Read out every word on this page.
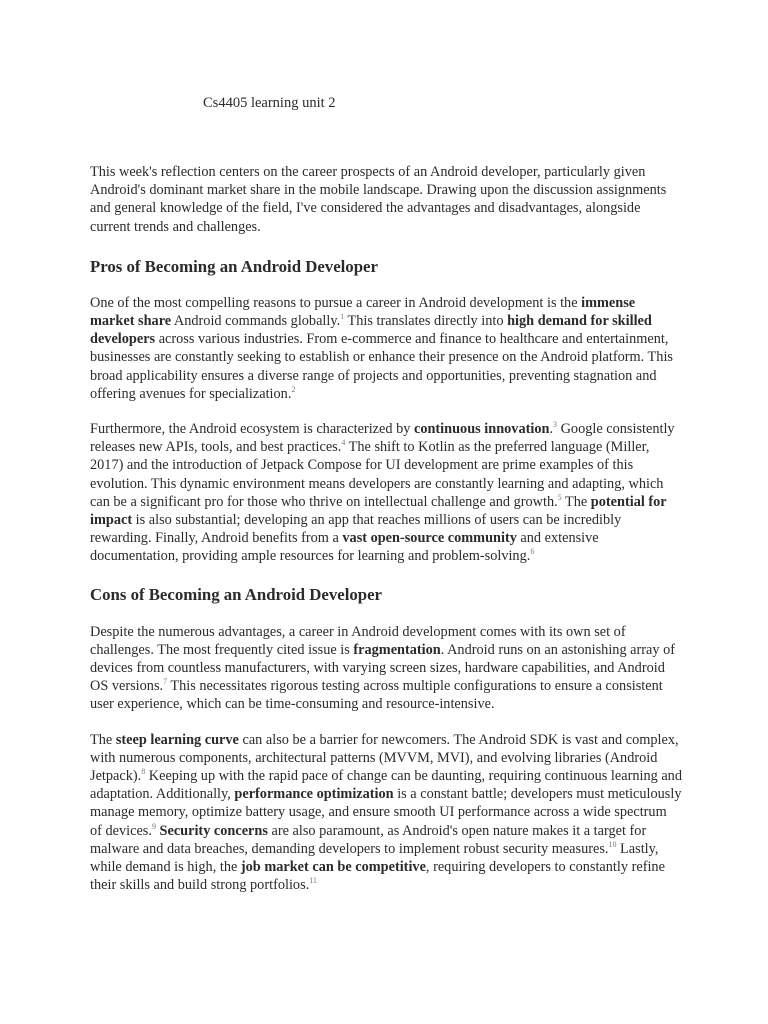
Cs4405 learning unit 2

This week's reflection centers on the career prospects of an Android developer, particularly given Android's dominant market share in the mobile landscape. Drawing upon the discussion assignments and general knowledge of the field, I've considered the advantages and disadvantages, alongside current trends and challenges.

Pros of Becoming an Android Developer

One of the most compelling reasons to pursue a career in Android development is the immense market share Android commands globally.$^1$ This translates directly into high demand for skilled developers across various industries. From e-commerce and finance to healthcare and entertainment, businesses are constantly seeking to establish or enhance their presence on the Android platform. This broad applicability ensures a diverse range of projects and opportunities, preventing stagnation and offering avenues for specialization.$^2$

Furthermore, the Android ecosystem is characterized by continuous innovation.$^3$ Google consistently releases new APIs, tools, and best practices.$^4$ The shift to Kotlin as the preferred language (Miller, 2017) and the introduction of Jetpack Compose for UI development are prime examples of this evolution. This dynamic environment means developers are constantly learning and adapting, which can be a significant pro for those who thrive on intellectual challenge and growth.$^5$ The potential for impact is also substantial; developing an app that reaches millions of users can be incredibly rewarding. Finally, Android benefits from a vast open-source community and extensive documentation, providing ample resources for learning and problem-solving.$^6$

Cons of Becoming an Android Developer

Despite the numerous advantages, a career in Android development comes with its own set of challenges. The most frequently cited issue is fragmentation. Android runs on an astonishing array of devices from countless manufacturers, with varying screen sizes, hardware capabilities, and Android OS versions.$^7$ This necessitates rigorous testing across multiple configurations to ensure a consistent user experience, which can be time-consuming and resource-intensive.

The steep learning curve can also be a barrier for newcomers. The Android SDK is vast and complex, with numerous components, architectural patterns (MVVM, MVI), and evolving libraries (Android Jetpack).$^8$ Keeping up with the rapid pace of change can be daunting, requiring continuous learning and adaptation. Additionally, performance optimization is a constant battle; developers must meticulously manage memory, optimize battery usage, and ensure smooth UI performance across a wide spectrum of devices.$^9$ Security concerns are also paramount, as Android's open nature makes it a target for malware and data breaches, demanding developers to implement robust security measures.$^{10}$ Lastly, while demand is high, the job market can be competitive, requiring developers to constantly refine their skills and build strong portfolios.$^{11}$
